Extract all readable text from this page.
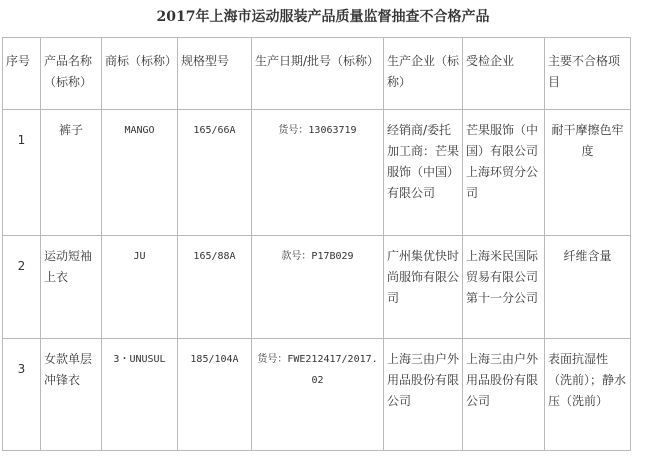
2017年上海市运动服装产品质量监督抽查不合格产品
序号	产品名称（标称）	商标（标称）	规格型号	生产日期/批号（标称）	生产企业（标称）	受检企业	主要不合格项目
1	裤子	MANGO	165/66A	货号：13063719	经销商/委托加工商：芒果服饰（中国）有限公司	芒果服饰（中国）有限公司上海环贸分公司	耐干摩擦色牢度
2	运动短袖上衣	JU	165/88A	款号：P17B029	广州集优快时尚服饰有限公司	上海米民国际贸易有限公司第十一分公司	纤维含量
3	女款单层冲锋衣	3・UNUSUL	185/104A	货号：FWE212417/2017.02	上海三由户外用品股份有限公司	上海三由户外用品股份有限公司	表面抗湿性（洗前）；静水压（洗前）
